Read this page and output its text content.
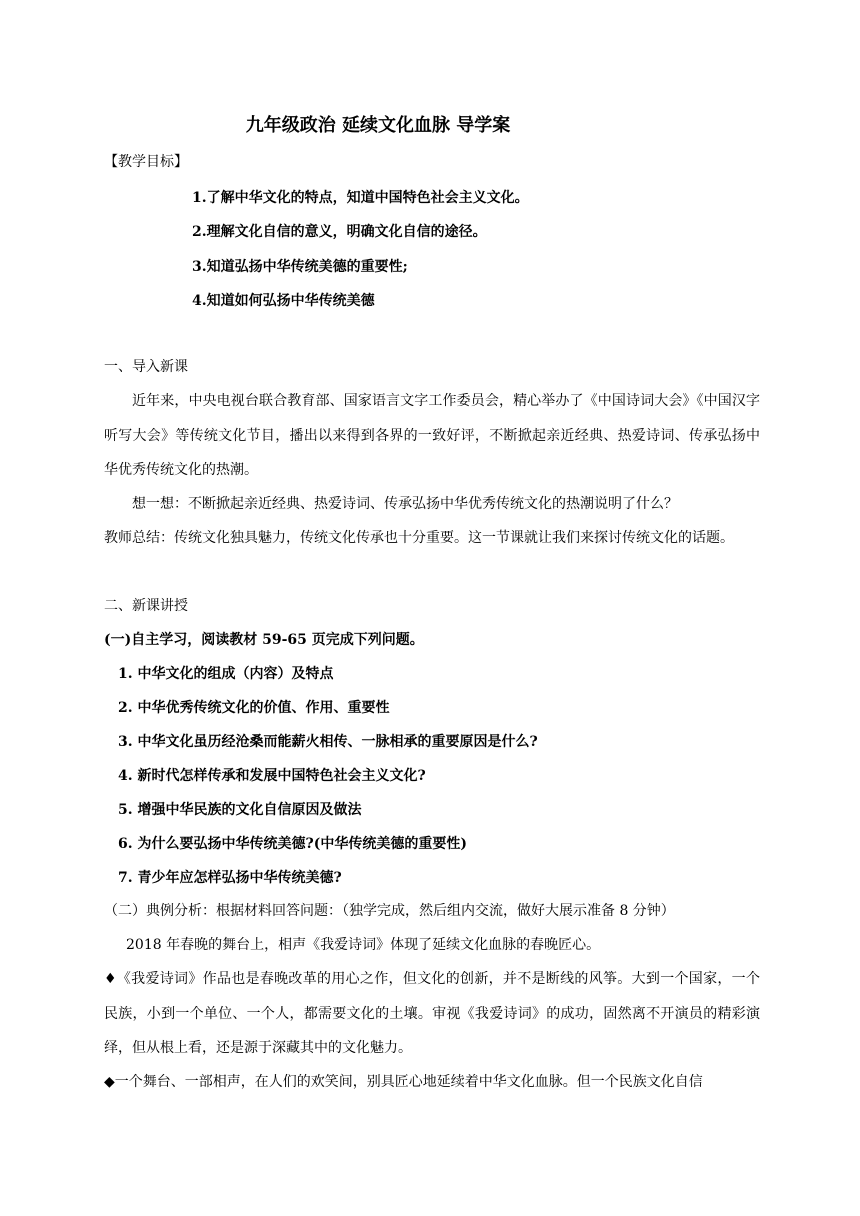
九年级政治 延续文化血脉 导学案
【教学目标】
1.了解中华文化的特点，知道中国特色社会主义文化。
2.理解文化自信的意义，明确文化自信的途径。
3.知道弘扬中华传统美德的重要性;
4.知道如何弘扬中华传统美德
一、导入新课

近年来，中央电视台联合教育部、国家语言文字工作委员会，精心举办了《中国诗词大会》《中国汉字听写大会》等传统文化节目，播出以来得到各界的一致好评，不断掀起亲近经典、热爱诗词、传承弘扬中华优秀传统文化的热潮。

想一想：不断掀起亲近经典、热爱诗词、传承弘扬中华优秀传统文化的热潮说明了什么？

教师总结：传统文化独具魅力，传统文化传承也十分重要。这一节课就让我们来探讨传统文化的话题。

二、新课讲授
(一)自主学习，阅读教材 59-65 页完成下列问题。
1. 中华文化的组成（内容）及特点
2. 中华优秀传统文化的价值、作用、重要性
3. 中华文化虽历经沧桑而能薪火相传、一脉相承的重要原因是什么?
4. 新时代怎样传承和发展中国特色社会主义文化?
5. 增强中华民族的文化自信原因及做法
6. 为什么要弘扬中华传统美德?(中华传统美德的重要性)
7. 青少年应怎样弘扬中华传统美德?
（二）典例分析：根据材料回答问题：（独学完成，然后组内交流，做好大展示准备 8 分钟）
2018 年春晚的舞台上，相声《我爱诗词》体现了延续文化血脉的春晚匠心。

♦《我爱诗词》作品也是春晚改革的用心之作，但文化的创新，并不是断线的风筝。大到一个国家，一个民族，小到一个单位、一个人，都需要文化的土壤。审视《我爱诗词》的成功，固然离不开演员的精彩演绎，但从根上看，还是源于深藏其中的文化魅力。

◆一个舞台、一部相声，在人们的欢笑间，别具匠心地延续着中华文化血脉。但一个民族文化自信
